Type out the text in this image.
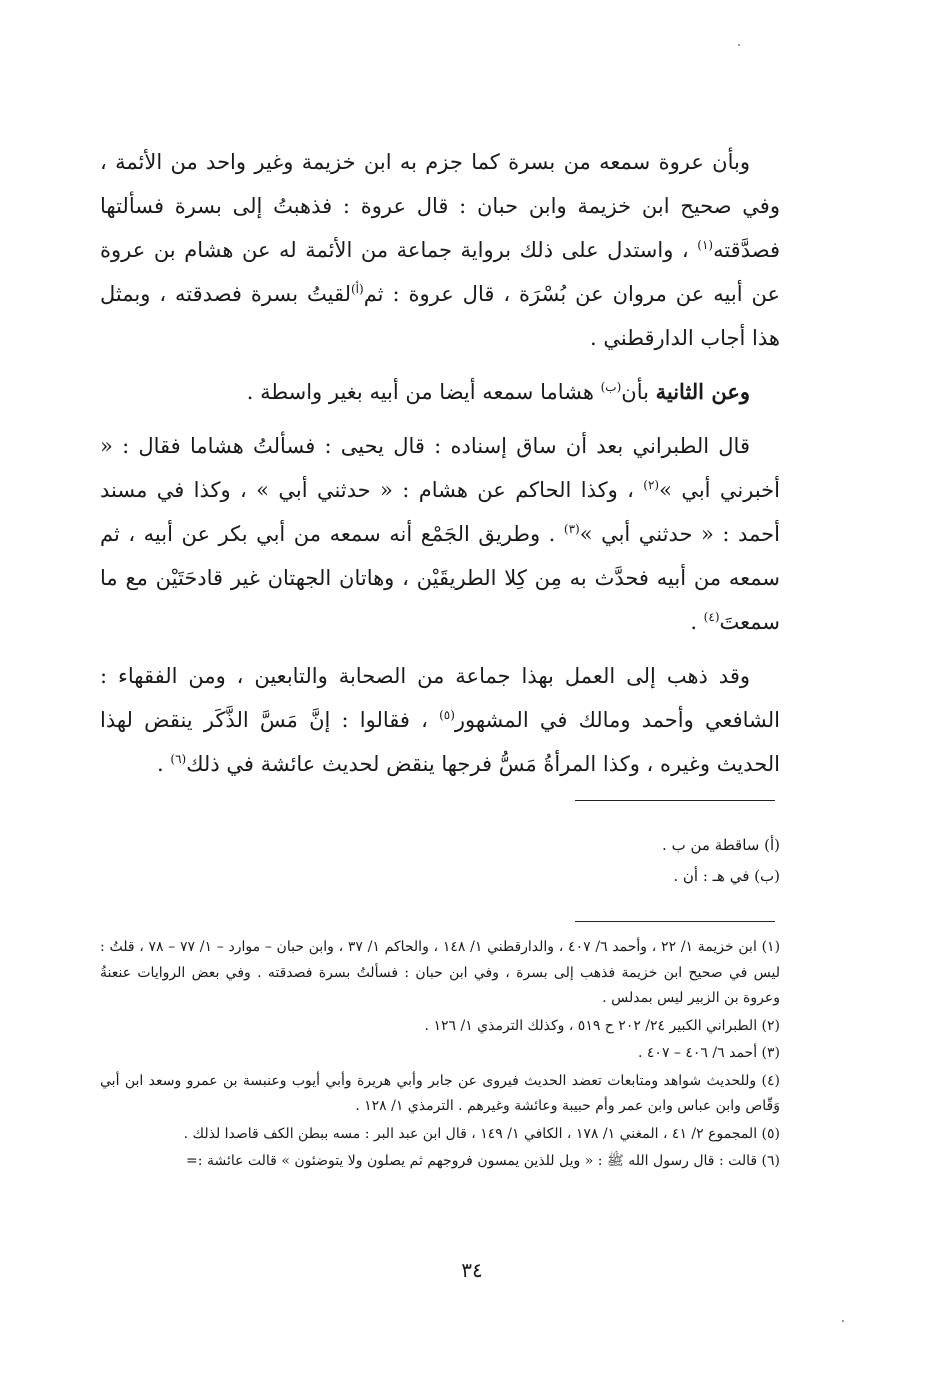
وبأن عروة سمعه من بسرة كما جزم به ابن خزيمة وغير واحد من الأئمة ، وفي صحيح ابن خزيمة وابن حبان : قال عروة : فذهبتُ إلى بسرة فسألتها فصدَّقته$^{(١)}$ ، واستدل على ذلك برواية جماعة من الأئمة له عن هشام بن عروة عن أبيه عن مروان عن بُسْرَة ، قال عروة : ثم$^{(أ)}$لقيتُ بسرة فصدقته ، وبمثل هذا أجاب الدارقطني .

وعن الثانية بأن$^{(ب)}$ هشاما سمعه أيضا من أبيه بغير واسطة .

قال الطبراني بعد أن ساق إسناده : قال يحيى : فسألتُ هشاما فقال : « أخبرني أبي »$^{(٢)}$ ، وكذا الحاكم عن هشام : « حدثني أبي » ، وكذا في مسند أحمد : « حدثني أبي »$^{(٣)}$ . وطريق الجَمْع أنه سمعه من أبي بكر عن أبيه ، ثم سمعه من أبيه فحدَّث به مِن كِلا الطريقَيْن ، وهاتان الجهتان غير قادحَتَيْن مع ما سمعتَ$^{(٤)}$ .

وقد ذهب إلى العمل بهذا جماعة من الصحابة والتابعين ، ومن الفقهاء : الشافعي وأحمد ومالك في المشهور$^{(٥)}$ ، فقالوا : إنَّ مَسَّ الذَّكَر ينقض لهذا الحديث وغيره ، وكذا المرأةُ مَسُّ فرجها ينقض لحديث عائشة في ذلك$^{(٦)}$ .

(أ) ساقطة من ب .
(ب) في هـ : أن .
(١) ابن خزيمة ١/ ٢٢ ، وأحمد ٦/ ٤٠٧ ، والدارقطني ١/ ١٤٨ ، والحاكم ١/ ٣٧ ، وابن حبان – موارد – ١/ ٧٧ – ٧٨ ، قلتُ : ليس في صحيح ابن خزيمة فذهب إلى بسرة ، وفي ابن حبان : فسألتُ بسرة فصدقته . وفي بعض الروايات عنعنةُ وعروة بن الزبير ليس بمدلس .
(٢) الطبراني الكبير ٢٤/ ٢٠٢ ح ٥١٩ ، وكذلك الترمذي ١/ ١٢٦ .
(٣) أحمد ٦/ ٤٠٦ – ٤٠٧ .
(٤) وللحديث شواهد ومتابعات تعضد الحديث فيروى عن جابر وأبي هريرة وأبي أيوب وعنبسة بن عمرو وسعد ابن أبي وَقّاص وابن عباس وابن عمر وأم حبيبة وعائشة وغيرهم . الترمذي ١/ ١٢٨ .
(٥) المجموع ٢/ ٤١ ، المغني ١/ ١٧٨ ، الكافي ١/ ١٤٩ ، قال ابن عبد البر : مسه ببطن الكف قاصدا لذلك .
(٦) قالت : قال رسول الله ﷺ : « ويل للذين يمسون فروجهم ثم يصلون ولا يتوضئون » قالت عائشة :=
٣٤
